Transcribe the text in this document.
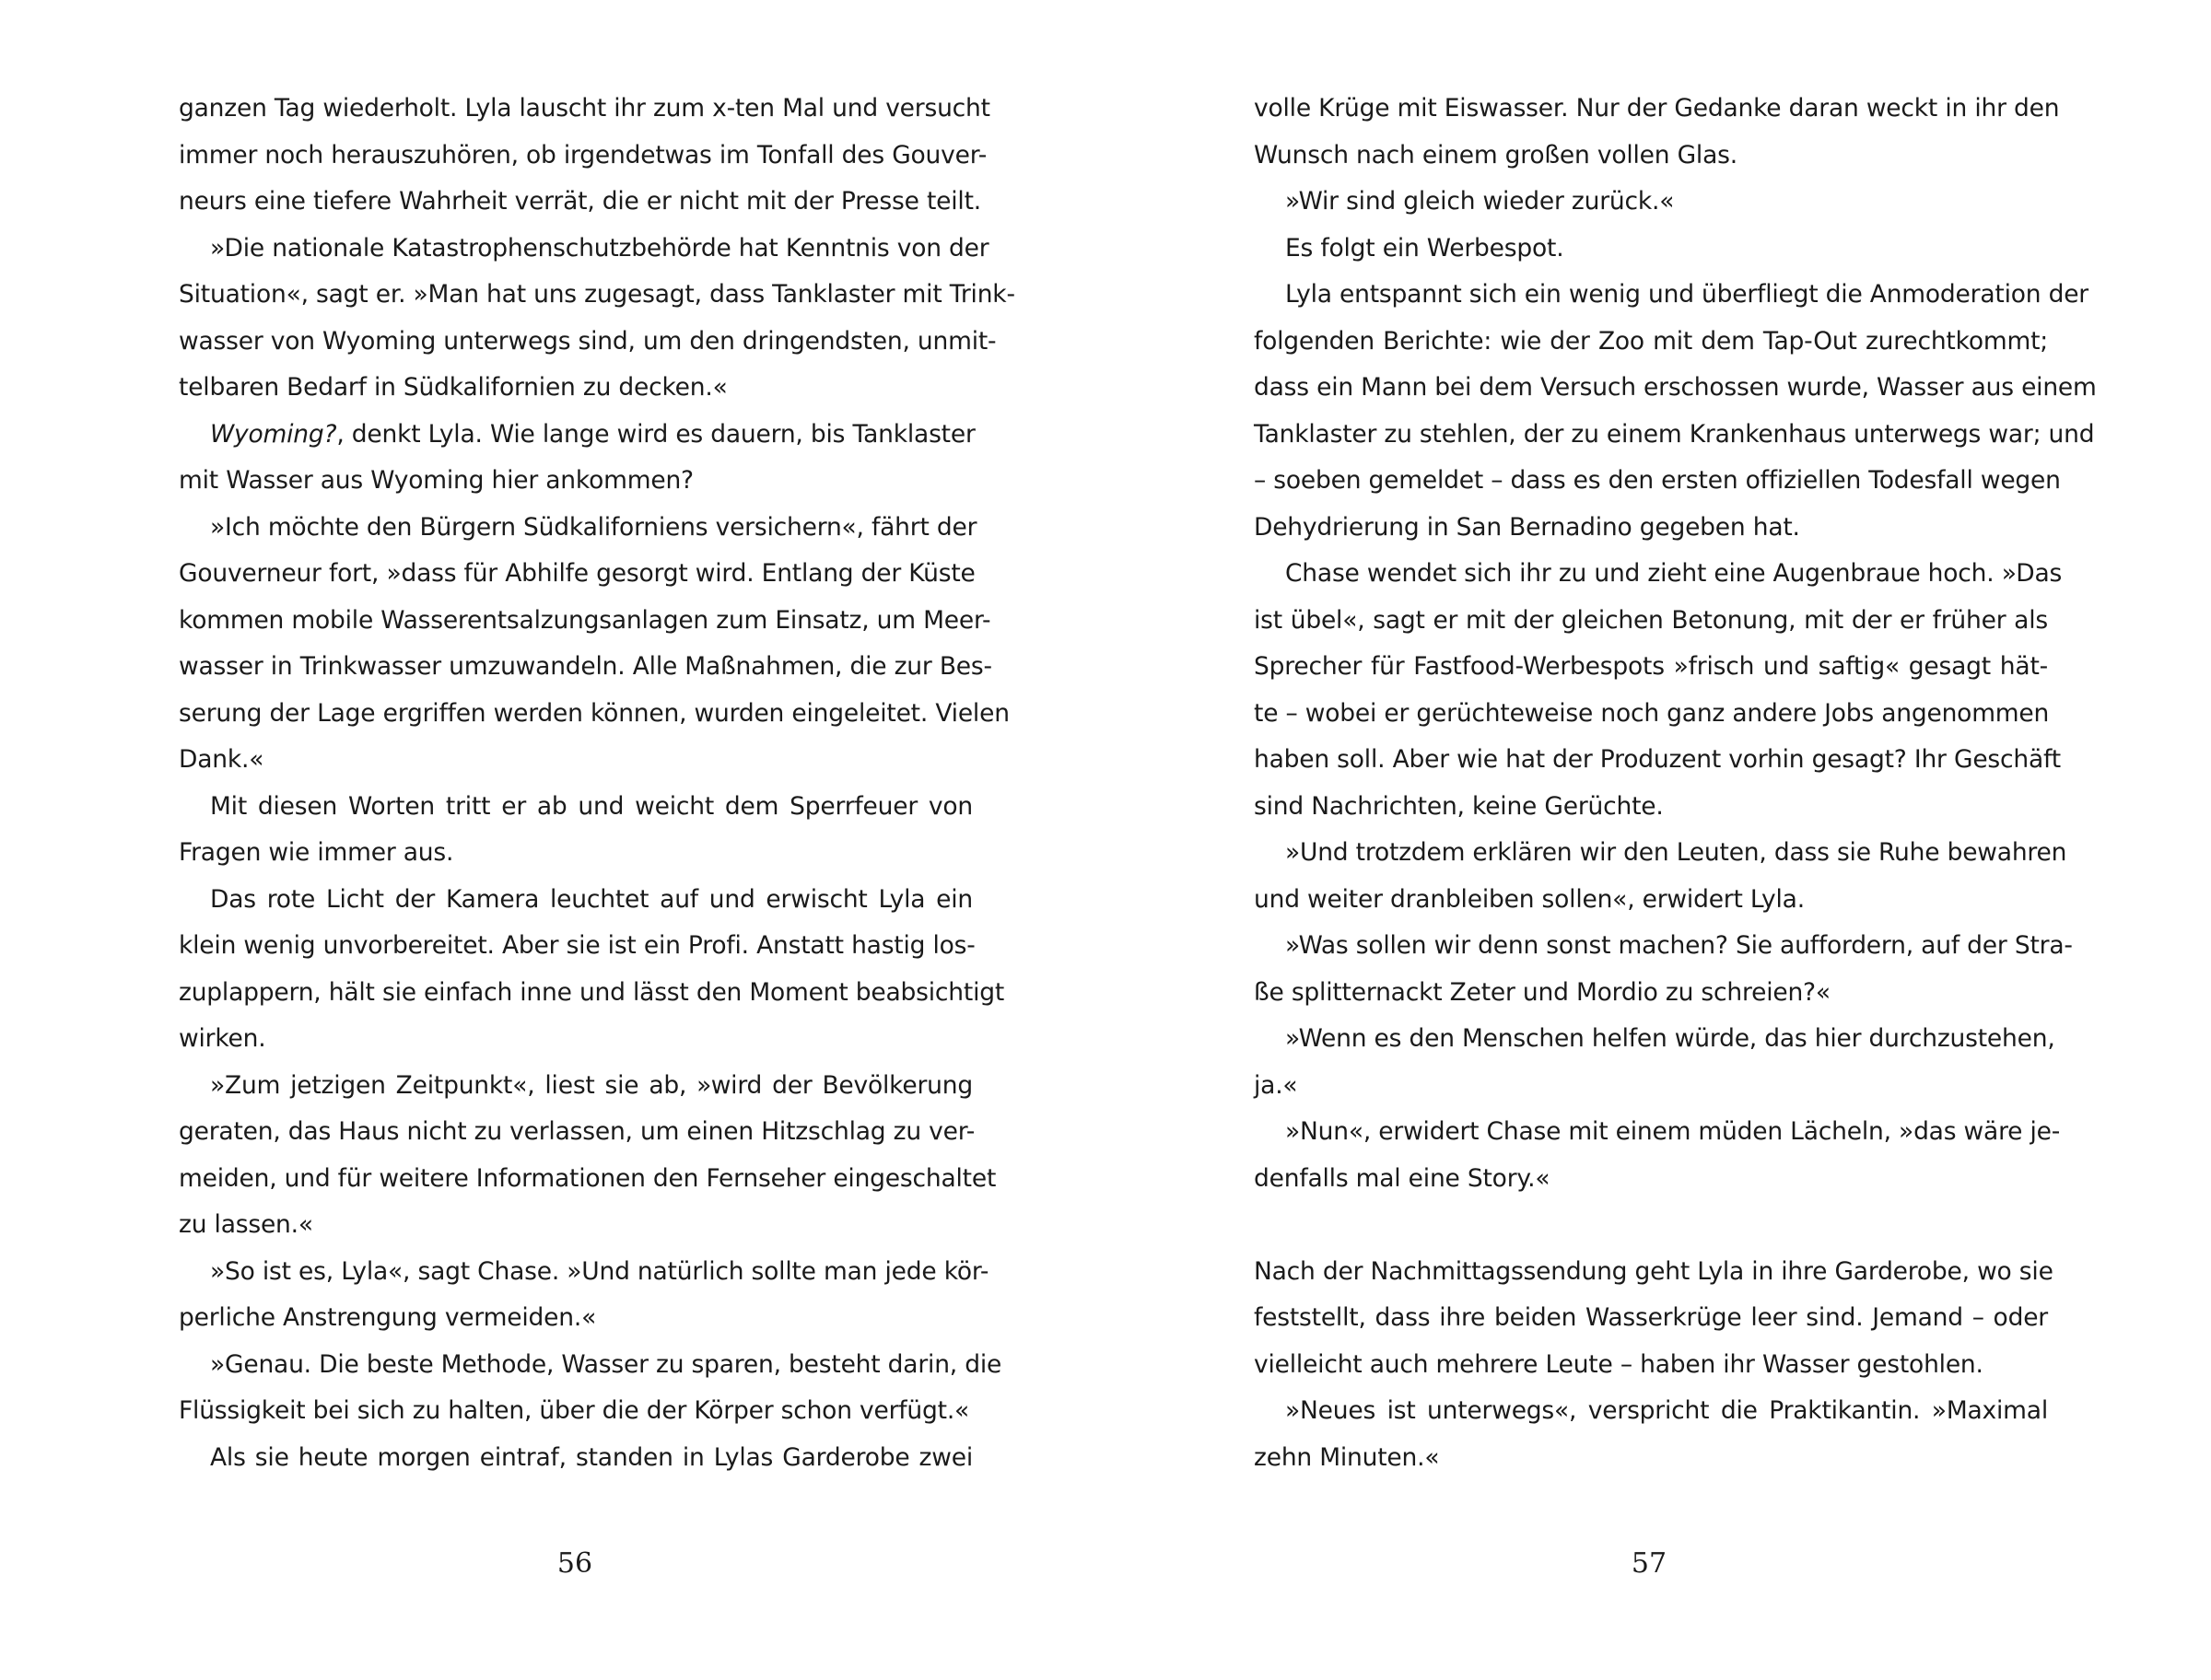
ganzen Tag wiederholt. Lyla lauscht ihr zum x-ten Mal und versucht
immer noch herauszuhören, ob irgendetwas im Tonfall des Gouver-
neurs eine tiefere Wahrheit verrät, die er nicht mit der Presse teilt.
»Die nationale Katastrophenschutzbehörde hat Kenntnis von der
Situation«, sagt er. »Man hat uns zugesagt, dass Tanklaster mit Trink-
wasser von Wyoming unterwegs sind, um den dringendsten, unmit-
telbaren Bedarf in Südkalifornien zu decken.«
Wyoming?, denkt Lyla. Wie lange wird es dauern, bis Tanklaster
mit Wasser aus Wyoming hier ankommen?
»Ich möchte den Bürgern Südkaliforniens versichern«, fährt der
Gouverneur fort, »dass für Abhilfe gesorgt wird. Entlang der Küste
kommen mobile Wasserentsalzungsanlagen zum Einsatz, um Meer-
wasser in Trinkwasser umzuwandeln. Alle Maßnahmen, die zur Bes-
serung der Lage ergriffen werden können, wurden eingeleitet. Vielen
Dank.«
Mit diesen Worten tritt er ab und weicht dem Sperrfeuer von
Fragen wie immer aus.
Das rote Licht der Kamera leuchtet auf und erwischt Lyla ein
klein wenig unvorbereitet. Aber sie ist ein Profi. Anstatt hastig los-
zuplappern, hält sie einfach inne und lässt den Moment beabsichtigt
wirken.
»Zum jetzigen Zeitpunkt«, liest sie ab, »wird der Bevölkerung
geraten, das Haus nicht zu verlassen, um einen Hitzschlag zu ver-
meiden, und für weitere Informationen den Fernseher eingeschaltet
zu lassen.«
»So ist es, Lyla«, sagt Chase. »Und natürlich sollte man jede kör-
perliche Anstrengung vermeiden.«
»Genau. Die beste Methode, Wasser zu sparen, besteht darin, die
Flüssigkeit bei sich zu halten, über die der Körper schon verfügt.«
Als sie heute morgen eintraf, standen in Lylas Garderobe zwei
volle Krüge mit Eiswasser. Nur der Gedanke daran weckt in ihr den
Wunsch nach einem großen vollen Glas.
»Wir sind gleich wieder zurück.«
Es folgt ein Werbespot.
Lyla entspannt sich ein wenig und überfliegt die Anmoderation der
folgenden Berichte: wie der Zoo mit dem Tap-Out zurechtkommt;
dass ein Mann bei dem Versuch erschossen wurde, Wasser aus einem
Tanklaster zu stehlen, der zu einem Krankenhaus unterwegs war; und
– soeben gemeldet – dass es den ersten offiziellen Todesfall wegen
Dehydrierung in San Bernadino gegeben hat.
Chase wendet sich ihr zu und zieht eine Augenbraue hoch. »Das
ist übel«, sagt er mit der gleichen Betonung, mit der er früher als
Sprecher für Fastfood-Werbespots »frisch und saftig« gesagt hät-
te – wobei er gerüchteweise noch ganz andere Jobs angenommen
haben soll. Aber wie hat der Produzent vorhin gesagt? Ihr Geschäft
sind Nachrichten, keine Gerüchte.
»Und trotzdem erklären wir den Leuten, dass sie Ruhe bewahren
und weiter dranbleiben sollen«, erwidert Lyla.
»Was sollen wir denn sonst machen? Sie auffordern, auf der Stra-
ße splitternackt Zeter und Mordio zu schreien?«
»Wenn es den Menschen helfen würde, das hier durchzustehen,
ja.«
»Nun«, erwidert Chase mit einem müden Lächeln, »das wäre je-
denfalls mal eine Story.«
Nach der Nachmittagssendung geht Lyla in ihre Garderobe, wo sie
feststellt, dass ihre beiden Wasserkrüge leer sind. Jemand – oder
vielleicht auch mehrere Leute – haben ihr Wasser gestohlen.
»Neues ist unterwegs«, verspricht die Praktikantin. »Maximal
zehn Minuten.«
56	57
